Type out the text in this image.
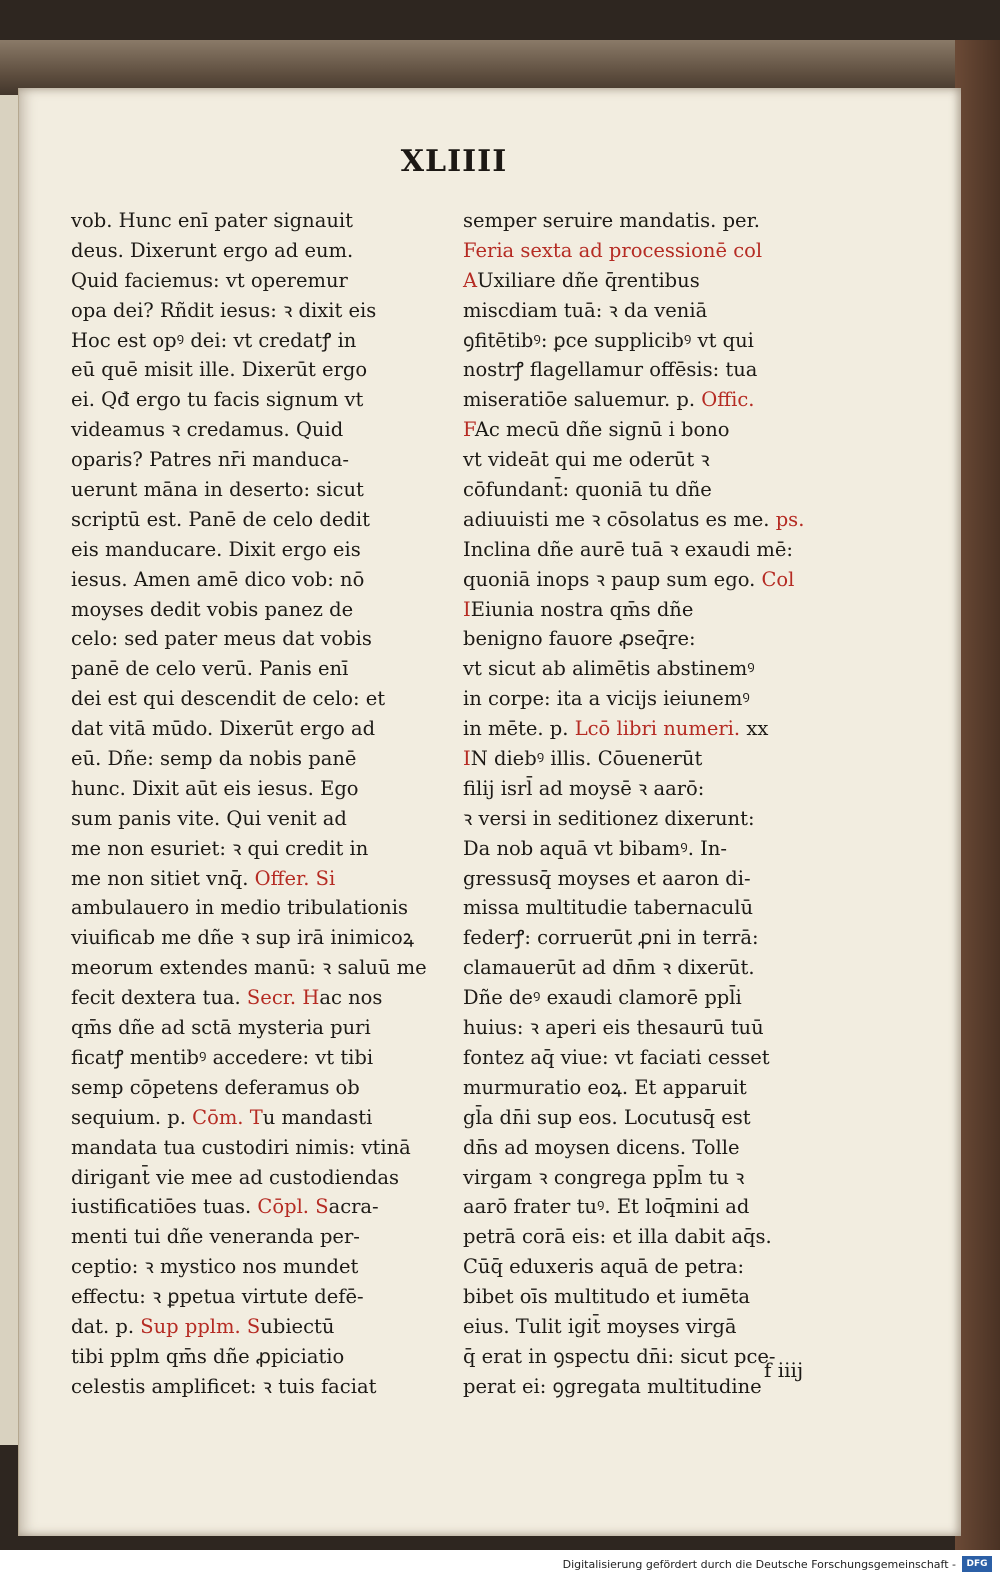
XLIIII
vob. Hunc enī pater signauit
deus. Dixerunt ergo ad eum.
Quid faciemus: vt operemur
opa dei? Rñdit iesus: ꝛ dixit eis
Hoc est opꝰ dei: vt credatꝭ in
eū quē misit ille. Dixerūt ergo
ei. Qđ ergo tu facis signum vt
videamus ꝛ credamus. Quid
oparis? Patres nr̄i manduca-
uerunt māna in deserto: sicut
scriptū est. Panē de celo dedit
eis manducare. Dixit ergo eis
iesus. Amen amē dico vob: nō
moyses dedit vobis panez de
celo: sed pater meus dat vobis
panē de celo verū. Panis enī
dei est qui descendit de celo: et
dat vitā mūdo. Dixerūt ergo ad
eū. Dñe: semp da nobis panē
hunc. Dixit aūt eis iesus. Ego
sum panis vite. Qui venit ad
me non esuriet: ꝛ qui credit in
me non sitiet vnq̄. Offer. Si
ambulauero in medio tribulationis
viuificab me dñe ꝛ sup irā inimicoꝝ
meorum extendes manū: ꝛ saluū me
fecit dextera tua. Secr. Hac nos
qm̄s dñe ad sctā mysteria puri
ficatꝭ mentibꝰ accedere: vt tibi
semp cōpetens deferamus ob
sequium. p. Cōm. Tu mandasti
mandata tua custodiri nimis: vtinā
dirigant̄ vie mee ad custodiendas
iustificatiōes tuas. Cōpl. Sacra-
menti tui dñe veneranda per-
ceptio: ꝛ mystico nos mundet
effectu: ꝛ ꝑpetua virtute defē-
dat. p. Sup pplm. Subiectū
tibi pplm qm̄s dñe ꝓpiciatio
celestis amplificet: ꝛ tuis faciat
semper seruire mandatis. per.
Feria sexta ad processionē col
AUxiliare dñe q̄rentibus
miscdiam tuā: ꝛ da veniā
ꝯfitētibꝰ: ꝑce supplicibꝰ vt qui
nostrꝭ flagellamur offēsis: tua
miseratiōe saluemur. p. Offic.
FAc mecū dñe signū i bono
vt videāt qui me oderūt ꝛ
cōfundant̄: quoniā tu dñe
adiuuisti me ꝛ cōsolatus es me. ps.
Inclina dñe aurē tuā ꝛ exaudi mē:
quoniā inops ꝛ paup sum ego. Col
IEiunia nostra qm̄s dñe
benigno fauore ꝓseq̄re:
vt sicut ab alimētis abstinemꝰ
in corpe: ita a vicijs ieiunemꝰ
in mēte. p. Lcō libri numeri. xx
IN diebꝰ illis. Cōuenerūt
filij isrl̄ ad moysē ꝛ aarō:
ꝛ versi in seditionez dixerunt:
Da nob aquā vt bibamꝰ. In-
gressusq̄ moyses et aaron di-
missa multitudie tabernaculū
federꝭ: corruerūt ꝓni in terrā:
clamauerūt ad dn̄m ꝛ dixerūt.
Dñe deꝰ exaudi clamorē ppl̄i
huius: ꝛ aperi eis thesaurū tuū
fontez aq̄ viue: vt faciati cesset
murmuratio eoꝝ. Et apparuit
gl̄a dn̄i sup eos. Locutusq̄ est
dn̄s ad moysen dicens. Tolle
virgam ꝛ congrega ppl̄m tu ꝛ
aarō frater tuꝰ. Et loq̄mini ad
petrā corā eis: et illa dabit aq̄s.
Cūq̄ eduxeris aquā de petra:
bibet oīs multitudo et iumēta
eius. Tulit igit̄ moyses virgā
q̄ erat in ꝯspectu dn̄i: sicut pce-
perat ei: ꝯgregata multitudine
f iiij
Digitalisierung gefördert durch die Deutsche Forschungsgemeinschaft -	DFG
